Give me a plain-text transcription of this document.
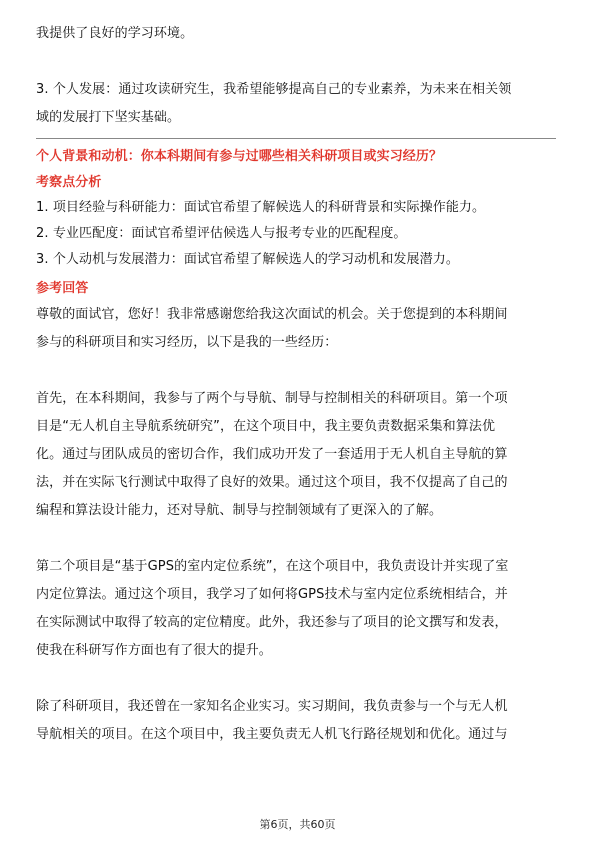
我提供了良好的学习环境。

3. 个人发展：通过攻读研究生，我希望能够提高自己的专业素养，为未来在相关领

域的发展打下坚实基础。

个人背景和动机：你本科期间有参与过哪些相关科研项目或实习经历？

考察点分析

1. 项目经验与科研能力：面试官希望了解候选人的科研背景和实际操作能力。

2. 专业匹配度：面试官希望评估候选人与报考专业的匹配程度。

3. 个人动机与发展潜力：面试官希望了解候选人的学习动机和发展潜力。

参考回答

尊敬的面试官，您好！我非常感谢您给我这次面试的机会。关于您提到的本科期间

参与的科研项目和实习经历，以下是我的一些经历：

首先，在本科期间，我参与了两个与导航、制导与控制相关的科研项目。第一个项

目是“无人机自主导航系统研究”，在这个项目中，我主要负责数据采集和算法优

化。通过与团队成员的密切合作，我们成功开发了一套适用于无人机自主导航的算

法，并在实际飞行测试中取得了良好的效果。通过这个项目，我不仅提高了自己的

编程和算法设计能力，还对导航、制导与控制领域有了更深入的了解。

第二个项目是“基于GPS的室内定位系统”，在这个项目中，我负责设计并实现了室

内定位算法。通过这个项目，我学习了如何将GPS技术与室内定位系统相结合，并

在实际测试中取得了较高的定位精度。此外，我还参与了项目的论文撰写和发表，

使我在科研写作方面也有了很大的提升。

除了科研项目，我还曾在一家知名企业实习。实习期间，我负责参与一个与无人机

导航相关的项目。在这个项目中，我主要负责无人机飞行路径规划和优化。通过与

第6页，共60页
